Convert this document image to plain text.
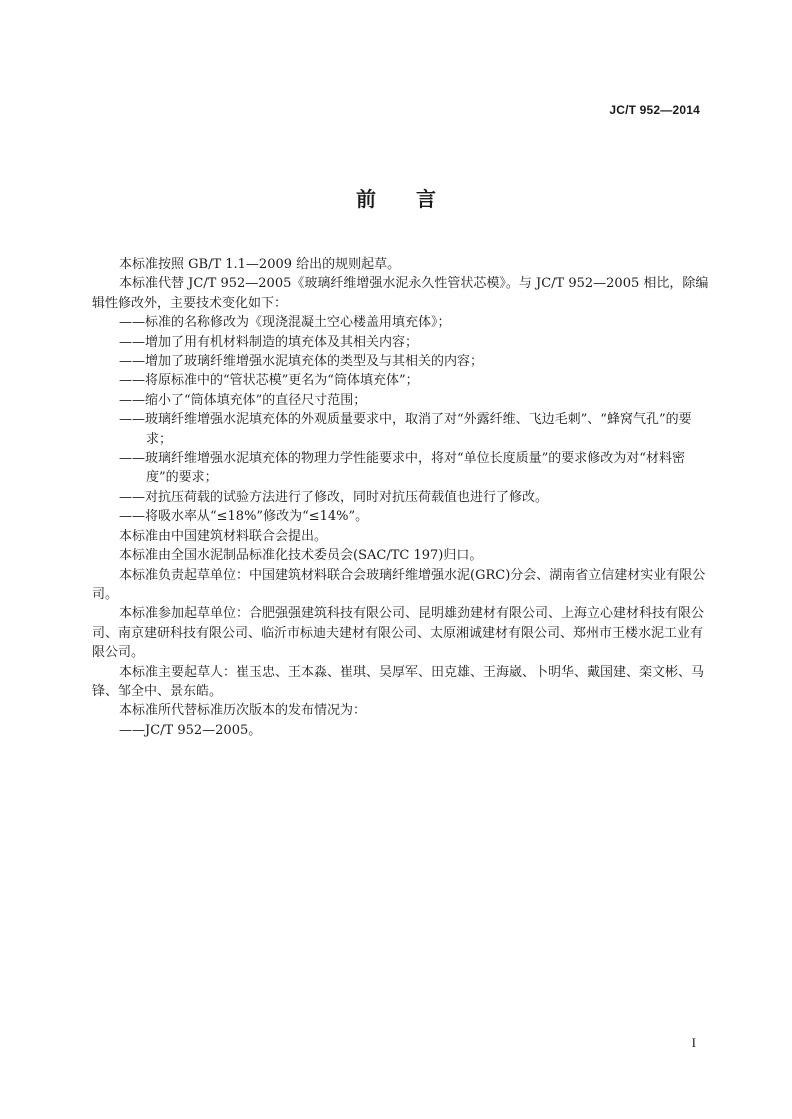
JC/T 952—2014
前言

本标准按照 GB/T 1.1—2009 给出的规则起草。

本标准代替 JC/T 952—2005《玻璃纤维增强水泥永久性管状芯模》。与 JC/T 952—2005 相比，除编辑性修改外，主要技术变化如下：

——标准的名称修改为《现浇混凝土空心楼盖用填充体》；

——增加了用有机材料制造的填充体及其相关内容；

——增加了玻璃纤维增强水泥填充体的类型及与其相关的内容；

——将原标准中的“管状芯模”更名为“筒体填充体”；

——缩小了“筒体填充体”的直径尺寸范围；

——玻璃纤维增强水泥填充体的外观质量要求中，取消了对“外露纤维、飞边毛刺”、“蜂窝气孔”的要求；

——玻璃纤维增强水泥填充体的物理力学性能要求中，将对“单位长度质量”的要求修改为对“材料密度”的要求；

——对抗压荷载的试验方法进行了修改，同时对抗压荷载值也进行了修改。

——将吸水率从“≤18%”修改为“≤14%”。

本标准由中国建筑材料联合会提出。

本标准由全国水泥制品标准化技术委员会(SAC/TC 197)归口。

本标准负责起草单位：中国建筑材料联合会玻璃纤维增强水泥(GRC)分会、湖南省立信建材实业有限公司。

本标准参加起草单位：合肥强强建筑科技有限公司、昆明雄劲建材有限公司、上海立心建材科技有限公司、南京建研科技有限公司、临沂市标迪夫建材有限公司、太原湘诚建材有限公司、郑州市王楼水泥工业有限公司。

本标准主要起草人：崔玉忠、王本淼、崔琪、吴厚军、田克雄、王海崴、卜明华、戴国建、栾文彬、马锋、邹全中、景东皓。

本标准所代替标准历次版本的发布情况为：

——JC/T 952—2005。

I
